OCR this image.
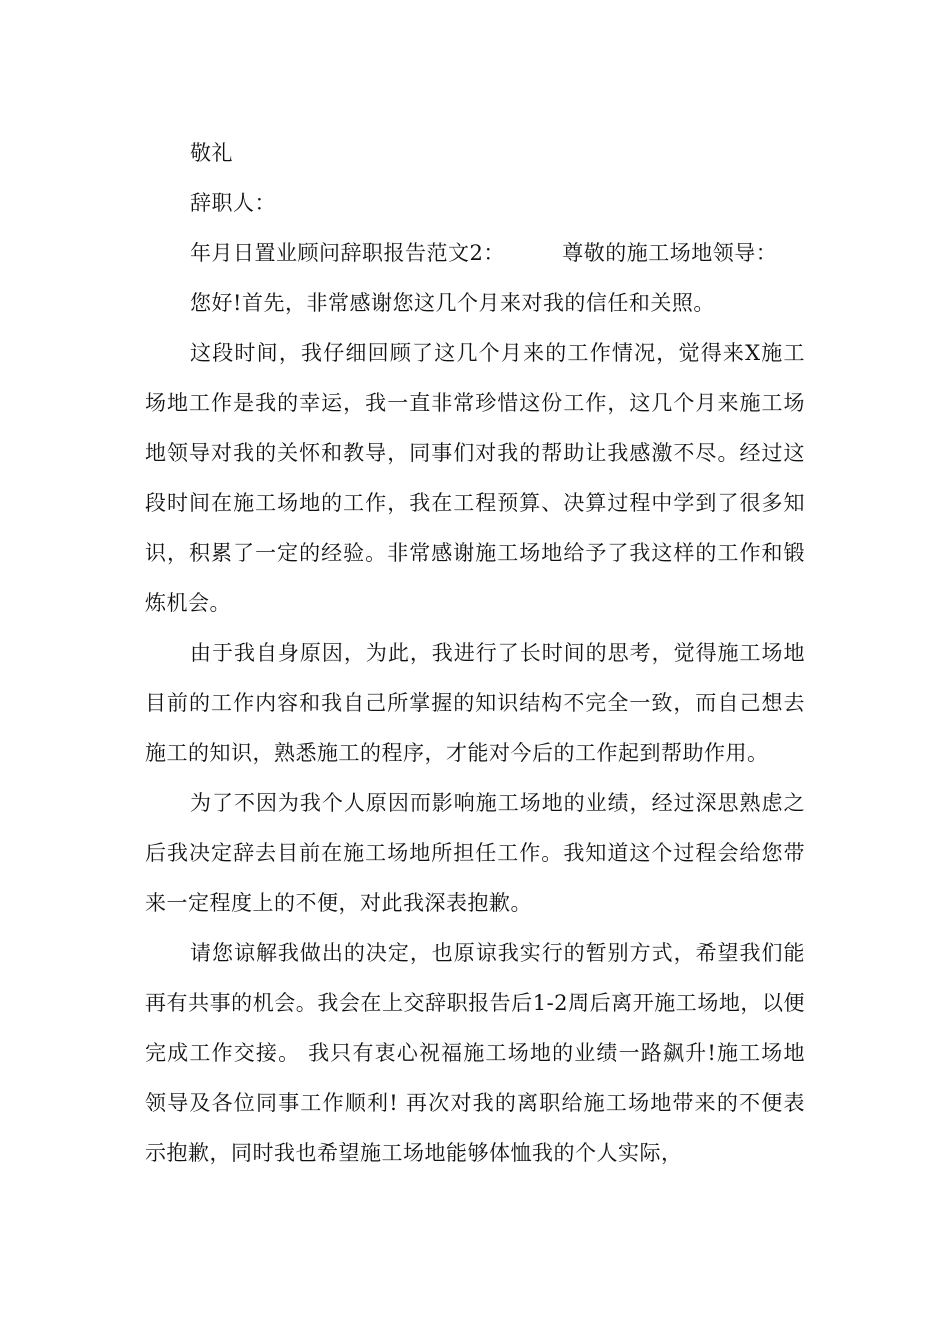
敬礼

辞职人：

年月日置业顾问辞职报告范文2：	尊敬的施工场地领导：

您好!首先，非常感谢您这几个月来对我的信任和关照。

这段时间，我仔细回顾了这几个月来的工作情况，觉得来X施工场地工作是我的幸运，我一直非常珍惜这份工作，这几个月来施工场地领导对我的关怀和教导，同事们对我的帮助让我感激不尽。经过这段时间在施工场地的工作，我在工程预算、决算过程中学到了很多知识，积累了一定的经验。非常感谢施工场地给予了我这样的工作和锻炼机会。

由于我自身原因，为此，我进行了长时间的思考，觉得施工场地目前的工作内容和我自己所掌握的知识结构不完全一致，而自己想去施工的知识，熟悉施工的程序，才能对今后的工作起到帮助作用。

为了不因为我个人原因而影响施工场地的业绩，经过深思熟虑之后我决定辞去目前在施工场地所担任工作。我知道这个过程会给您带来一定程度上的不便，对此我深表抱歉。

请您谅解我做出的决定，也原谅我实行的暂别方式，希望我们能再有共事的机会。我会在上交辞职报告后1-2周后离开施工场地，以便完成工作交接。 我只有衷心祝福施工场地的业绩一路飙升!施工场地领导及各位同事工作顺利! 再次对我的离职给施工场地带来的不便表示抱歉，同时我也希望施工场地能够体恤我的个人实际，
